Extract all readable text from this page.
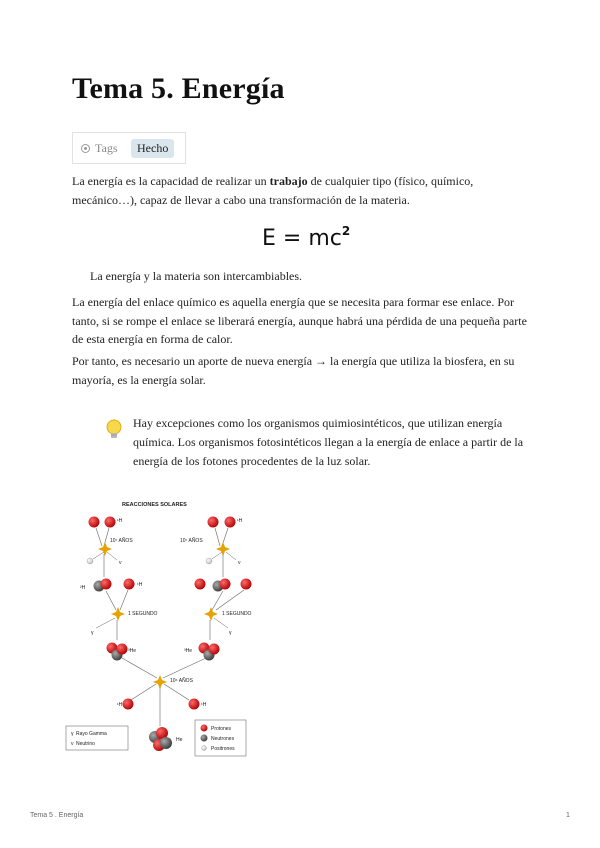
Tema 5. Energía
Tags	Hecho

La energía es la capacidad de realizar un trabajo de cualquier tipo (físico, químico, mecánico…), capaz de llevar a cabo una transformación de la materia.

$E = mc^2$

La energía y la materia son intercambiables.

La energía del enlace químico es aquella energía que se necesita para formar ese enlace. Por tanto, si se rompe el enlace se liberará energía, aunque habrá una pérdida de una pequeña parte de esta energía en forma de calor.

Por tanto, es necesario un aporte de nueva energía → la energía que utiliza la biosfera, en su mayoría, es la energía solar.

Hay excepciones como los organismos quimiosintéticos, que utilizan energía química. Los organismos fotosintéticos llegan a la energía de enlace a partir de la energía de los fotones procedentes de la luz solar.

REACCIONES SOLARES
¹H	¹H
10⁷ AÑOS	10⁷ AÑOS
ν	ν
²H	¹H
1 SEGUNDO	1 SEGUNDO
γ	γ
³He	³He
10⁶ AÑOS
¹H	¹H
He
γ Rayo Gamma
ν Neutrino
Protones
Neutrones
Positrones
Tema 5 . Energía	1
